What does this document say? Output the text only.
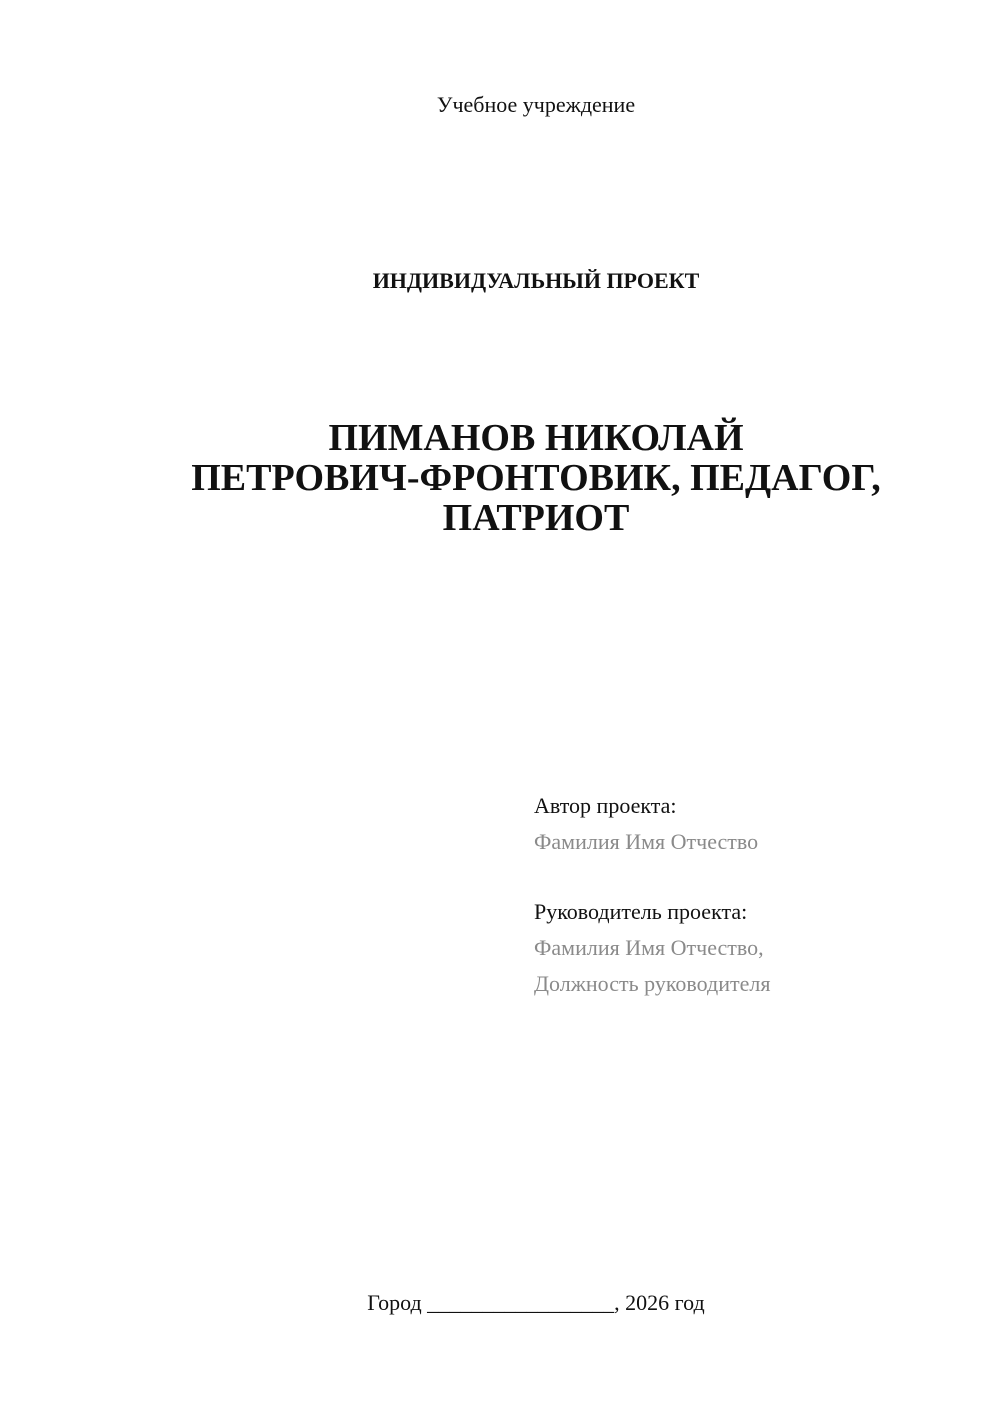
Учебное учреждение
ИНДИВИДУАЛЬНЫЙ ПРОЕКТ
ПИМАНОВ НИКОЛАЙ
ПЕТРОВИЧ-ФРОНТОВИК, ПЕДАГОГ,
ПАТРИОТ
Автор проекта:
Фамилия Имя Отчество
Руководитель проекта:
Фамилия Имя Отчество,
Должность руководителя
Город _________________, 2026 год
